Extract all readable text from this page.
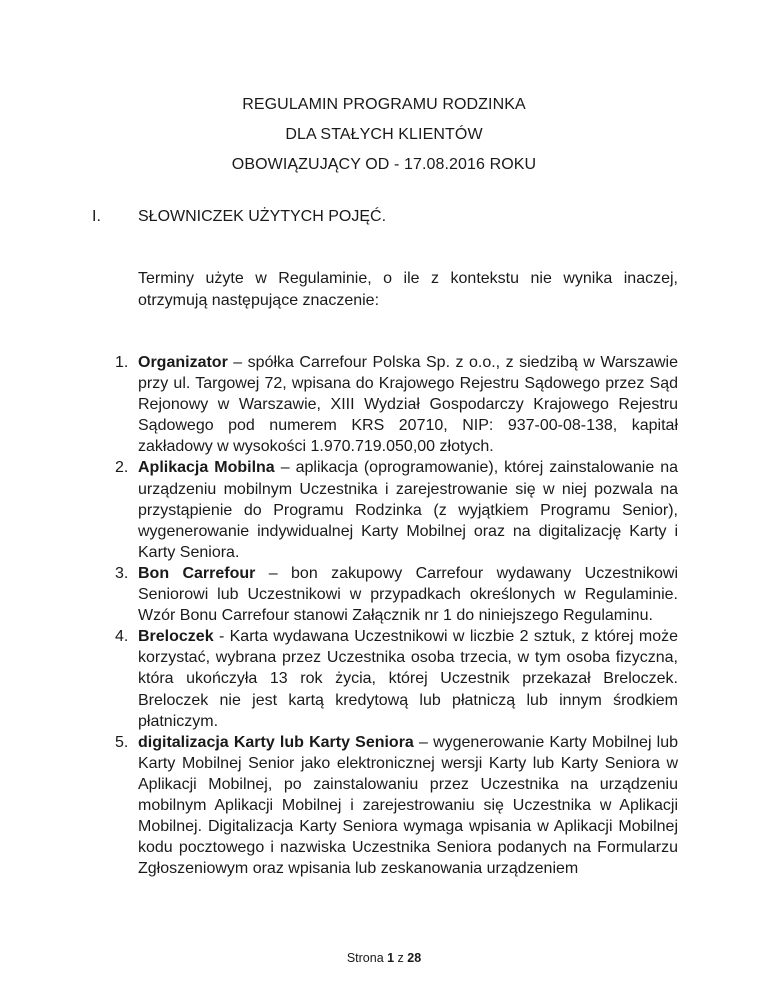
REGULAMIN PROGRAMU RODZINKA
DLA STAŁYCH KLIENTÓW
OBOWIĄZUJĄCY OD - 17.08.2016 ROKU
I. SŁOWNICZEK UŻYTYCH POJĘĆ.
Terminy użyte w Regulaminie, o ile z kontekstu nie wynika inaczej, otrzymują następujące znaczenie:
1. Organizator – spółka Carrefour Polska Sp. z o.o., z siedzibą w Warszawie przy ul. Targowej 72, wpisana do Krajowego Rejestru Sądowego przez Sąd Rejonowy w Warszawie, XIII Wydział Gospodarczy Krajowego Rejestru Sądowego pod numerem KRS 20710, NIP: 937-00-08-138, kapitał zakładowy w wysokości 1.970.719.050,00 złotych.
2. Aplikacja Mobilna – aplikacja (oprogramowanie), której zainstalowanie na urządzeniu mobilnym Uczestnika i zarejestrowanie się w niej pozwala na przystąpienie do Programu Rodzinka (z wyjątkiem Programu Senior), wygenerowanie indywidualnej Karty Mobilnej oraz na digitalizację Karty i Karty Seniora.
3. Bon Carrefour – bon zakupowy Carrefour wydawany Uczestnikowi Seniorowi lub Uczestnikowi w przypadkach określonych w Regulaminie. Wzór Bonu Carrefour stanowi Załącznik nr 1 do niniejszego Regulaminu.
4. Breloczek - Karta wydawana Uczestnikowi w liczbie 2 sztuk, z której może korzystać, wybrana przez Uczestnika osoba trzecia, w tym osoba fizyczna, która ukończyła 13 rok życia, której Uczestnik przekazał Breloczek. Breloczek nie jest kartą kredytową lub płatniczą lub innym środkiem płatniczym.
5. digitalizacja Karty lub Karty Seniora – wygenerowanie Karty Mobilnej lub Karty Mobilnej Senior jako elektronicznej wersji Karty lub Karty Seniora w Aplikacji Mobilnej, po zainstalowaniu przez Uczestnika na urządzeniu mobilnym Aplikacji Mobilnej i zarejestrowaniu się Uczestnika w Aplikacji Mobilnej. Digitalizacja Karty Seniora wymaga wpisania w Aplikacji Mobilnej kodu pocztowego i nazwiska Uczestnika Seniora podanych na Formularzu Zgłoszeniowym oraz wpisania lub zeskanowania urządzeniem
Strona 1 z 28
